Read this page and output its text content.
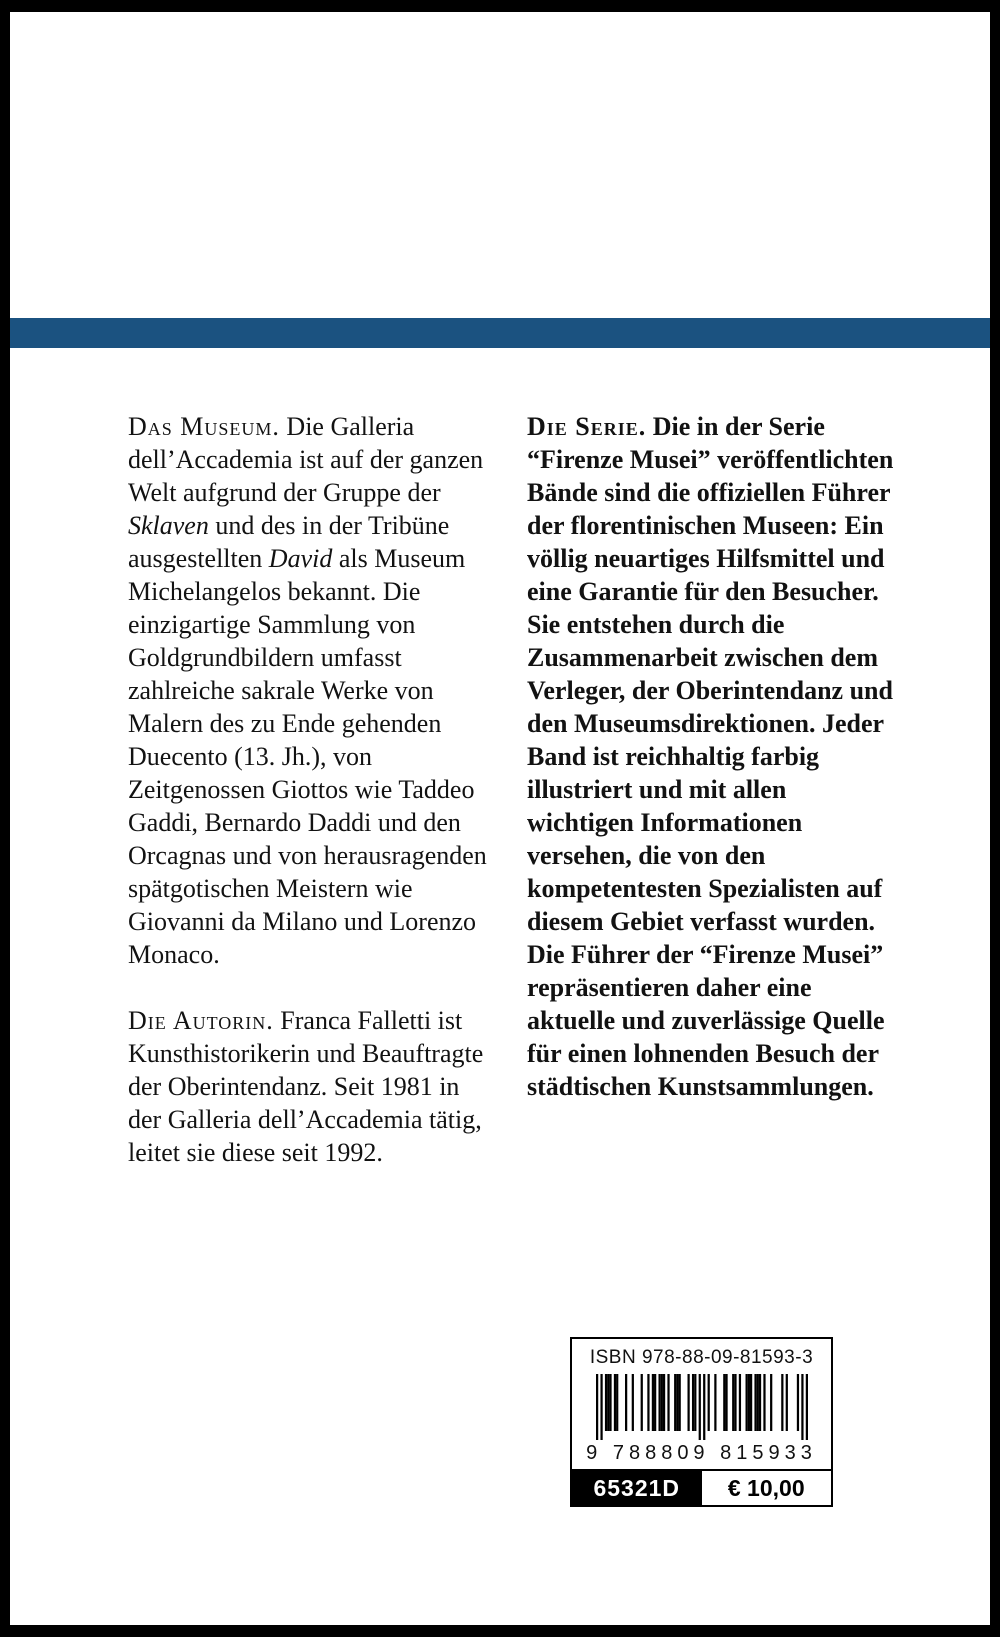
Das Museum. Die Galleria dell’Accademia ist auf der ganzen Welt aufgrund der Gruppe der Sklaven und des in der Tribüne ausgestellten David als Museum Michelangelos bekannt. Die einzigartige Sammlung von Goldgrundbildern umfasst zahlreiche sakrale Werke von Malern des zu Ende gehenden Duecento (13. Jh.), von Zeitgenossen Giottos wie Taddeo Gaddi, Bernardo Daddi und den Orcagnas und von herausragenden spätgotischen Meistern wie Giovanni da Milano und Lorenzo Monaco.

Die Autorin. Franca Falletti ist Kunsthistorikerin und Beauftragte der Oberintendanz. Seit 1981 in der Galleria dell’Accademia tätig, leitet sie diese seit 1992.

Die Serie. Die in der Serie “Firenze Musei” veröffentlichten Bände sind die offiziellen Führer der florentinischen Museen: Ein völlig neuartiges Hilfsmittel und eine Garantie für den Besucher. Sie entstehen durch die Zusammenarbeit zwischen dem Verleger, der Oberintendanz und den Museumsdirektionen. Jeder Band ist reichhaltig farbig illustriert und mit allen wichtigen Informationen versehen, die von den kompetentesten Spezialisten auf diesem Gebiet verfasst wurden. Die Führer der “Firenze Musei” repräsentieren daher eine aktuelle und zuverlässige Quelle für einen lohnenden Besuch der städtischen Kunstsammlungen.

ISBN 978-88-09-81593-3
9 788809 815933
65321D	€ 10,00
